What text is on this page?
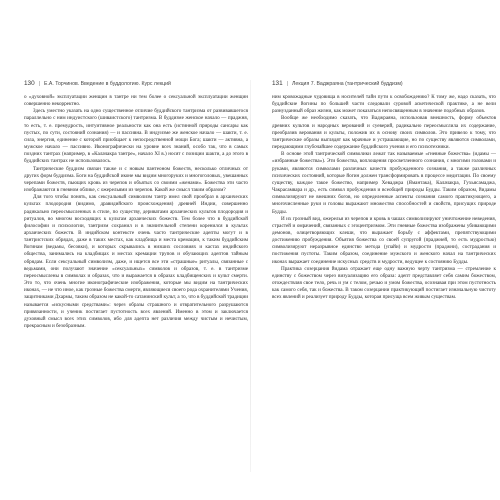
130 | Е.А. Торчинов. Введение в буддологию. Курс лекций

о «духовной» эксплуатации женщин в тантре ни тем более о сексуальной эксплуатации женщин совершенно некорректно.

Здесь уместно указать на одно существенное отличие буддийского тантризма от развивавшегося параллельно с ним индуистского (шиваистского) тантризма. В буддизме женское начало — праджня, то есть, т. е. премудрость, интуитивное реальности как она есть (истинной природы сансары как пустых, по сути, состояний сознания) — и пассивна. В индуизме же женское начало — шакти, т. е. сила, энергия, единение с которой приобщает к непосредственной мощи Бога; шакти — активна, а мужское начало — пассивно. Иконографически на уровне всех знаний, особо так, что в самых поздних тантрах (например, в «Калачакра тантре», начало XI в.) носят с позиции шакти, а до этого в буддийских тантрах не использовалось.

Тантрические буддизм связан также и с новым пантеоном божеств, несколько отличных от других форм буддизма. Боги на буддийской иконе мы видим многоруких и многоголовых, увешанных черепами божеств, пьющих кровь из черепов и объятых со своими «женами». Божества эти часто изображаются в гневном облике, с ожерельями из черепов. Какой же смысл таким образом?

Для того чтобы понять, как сексуальный символизм тантр имел свой прообраз в архаических культах плодородия (видимо, дравидийского происхождения) древней Индии, совершенно радикально переосмысленных в стиле, по существу, дериватами архаических культов плодородия и ритуалов, во многом восходящих к культам архаических божеств. Тем более что в буддийской философии и психологии, тантризм сохранил и в значительной степени коренился в культах архаических божеств. В индийском контексте очень часто тантрические адепты могут и в тантристских обрядах, даже в таких местах, как кладбища и места кремации, к таким буддийским йогинам (ведьмы, бесовки), и которых скрывались в низших сословиях и кастах индийского общества, занимались на кладбищах и местах кремации трупов и обучающих адептов тайным обрядам. Если сексуальный символизм, даже, и ищется все эти «страшные» ритуалы, связанные с ведьмами, они получают значение «сексуальных» символов и образов, т. е. в тантризме переосмыслены в символах и образах, что и выражается в образах кладбищенских и культ смерти. Это то, что очень многие иконографические изображения, которые мы видим на тантрических иконах, — не что иное, как грозные божества смерти, являющиеся своего рода охранителями Учения, защитниками Дхармы, таким образом не какой-то сатанинский культ, а то, что в буддийской традиции называется «искусными средствами»: через образы страшного и отвратительного разрушаются привязанности, и ученик постигает пустотность всех явлений. Именно в этом и заключается духовный смысл всех этих символов, ибо для адепта нет различия между чистым и нечистым, прекрасным и безобразным.

131 | Лекция 7. Ваджраяна (тантрический буддизм)

ним кровожадные чудовища в носителей тайн пути к освобождению? К тому же, надо сказать, что буддийские йогины по большей части следовали суровой аскетической практике, а не вели разнузданный образ жизни, как может показаться непосвященным в значение подобных образов.

Вообще же необходимо сказать, что Ваджраяна, использовав внешность, форму объектов древних культов и народных верований и суеверий, радикально переосмыслила их содержание, преобразив верования и культы, положив их в основу своих символов. Это привело к тому, что тантрические образы выглядят как мрачные и устрашающие, но по существу являются символами, передающими глубочайшее содержание буддийского учения и его психотехники.

В основе этой тантрической символики лежат так называемые «гневные божества» (идамы — «избранные божества»). Эти божества, воплощения просветленного сознания, с многими головами и руками, являются символами различных качеств пробужденного сознания, а также различных психических состояний, которые йогин должен трансформировать в процессе медитации. По своему существу, каждое такое божество, например Хеваджра (Ямантака), Калачакра, Гухьясамаджа, Чакрасамвара и др., есть символ пробуждения и всеобщей природы Будды. Таким образом, йидамы символизируют не внешних богов, но определенные аспекты сознания самого практикующего, а многочисленные руки и головы выражают множество способностей и свойств, присущих природе Будды.

И их грозный вид, ожерелья из черепов и кровь в чашах символизируют уничтожение неведения, страстей и омрачений, связанных с эгоцентризмом. Эти гневные божества изображены убивающими демонов, олицетворяющих клеши, что выражает борьбу с аффектами, препятствующими достижению пробуждения. Объятия божества со своей супругой (праджней, то есть мудростью) символизируют неразрывное единство метода (упайи) и мудрости (праджни), сострадания и постижения пустоты. Таким образом, соединение мужского и женского начал на тантрических иконах выражает соединение искусных средств и мудрости, ведущее к состоянию Будды.

Практика созерцания йидама отражает еще одну важную черту тантризма — стремление к единству с божеством через визуализацию его образа: адепт представляет себя самим божеством, отождествляя свое тело, речь и ум с телом, речью и умом божества, осознавая при этом пустотность как самого себя, так и божества. В таком созерцании практикующий постигает изначальную чистоту всех явлений и реализует природу Будды, которая присуща всем живым существам.
